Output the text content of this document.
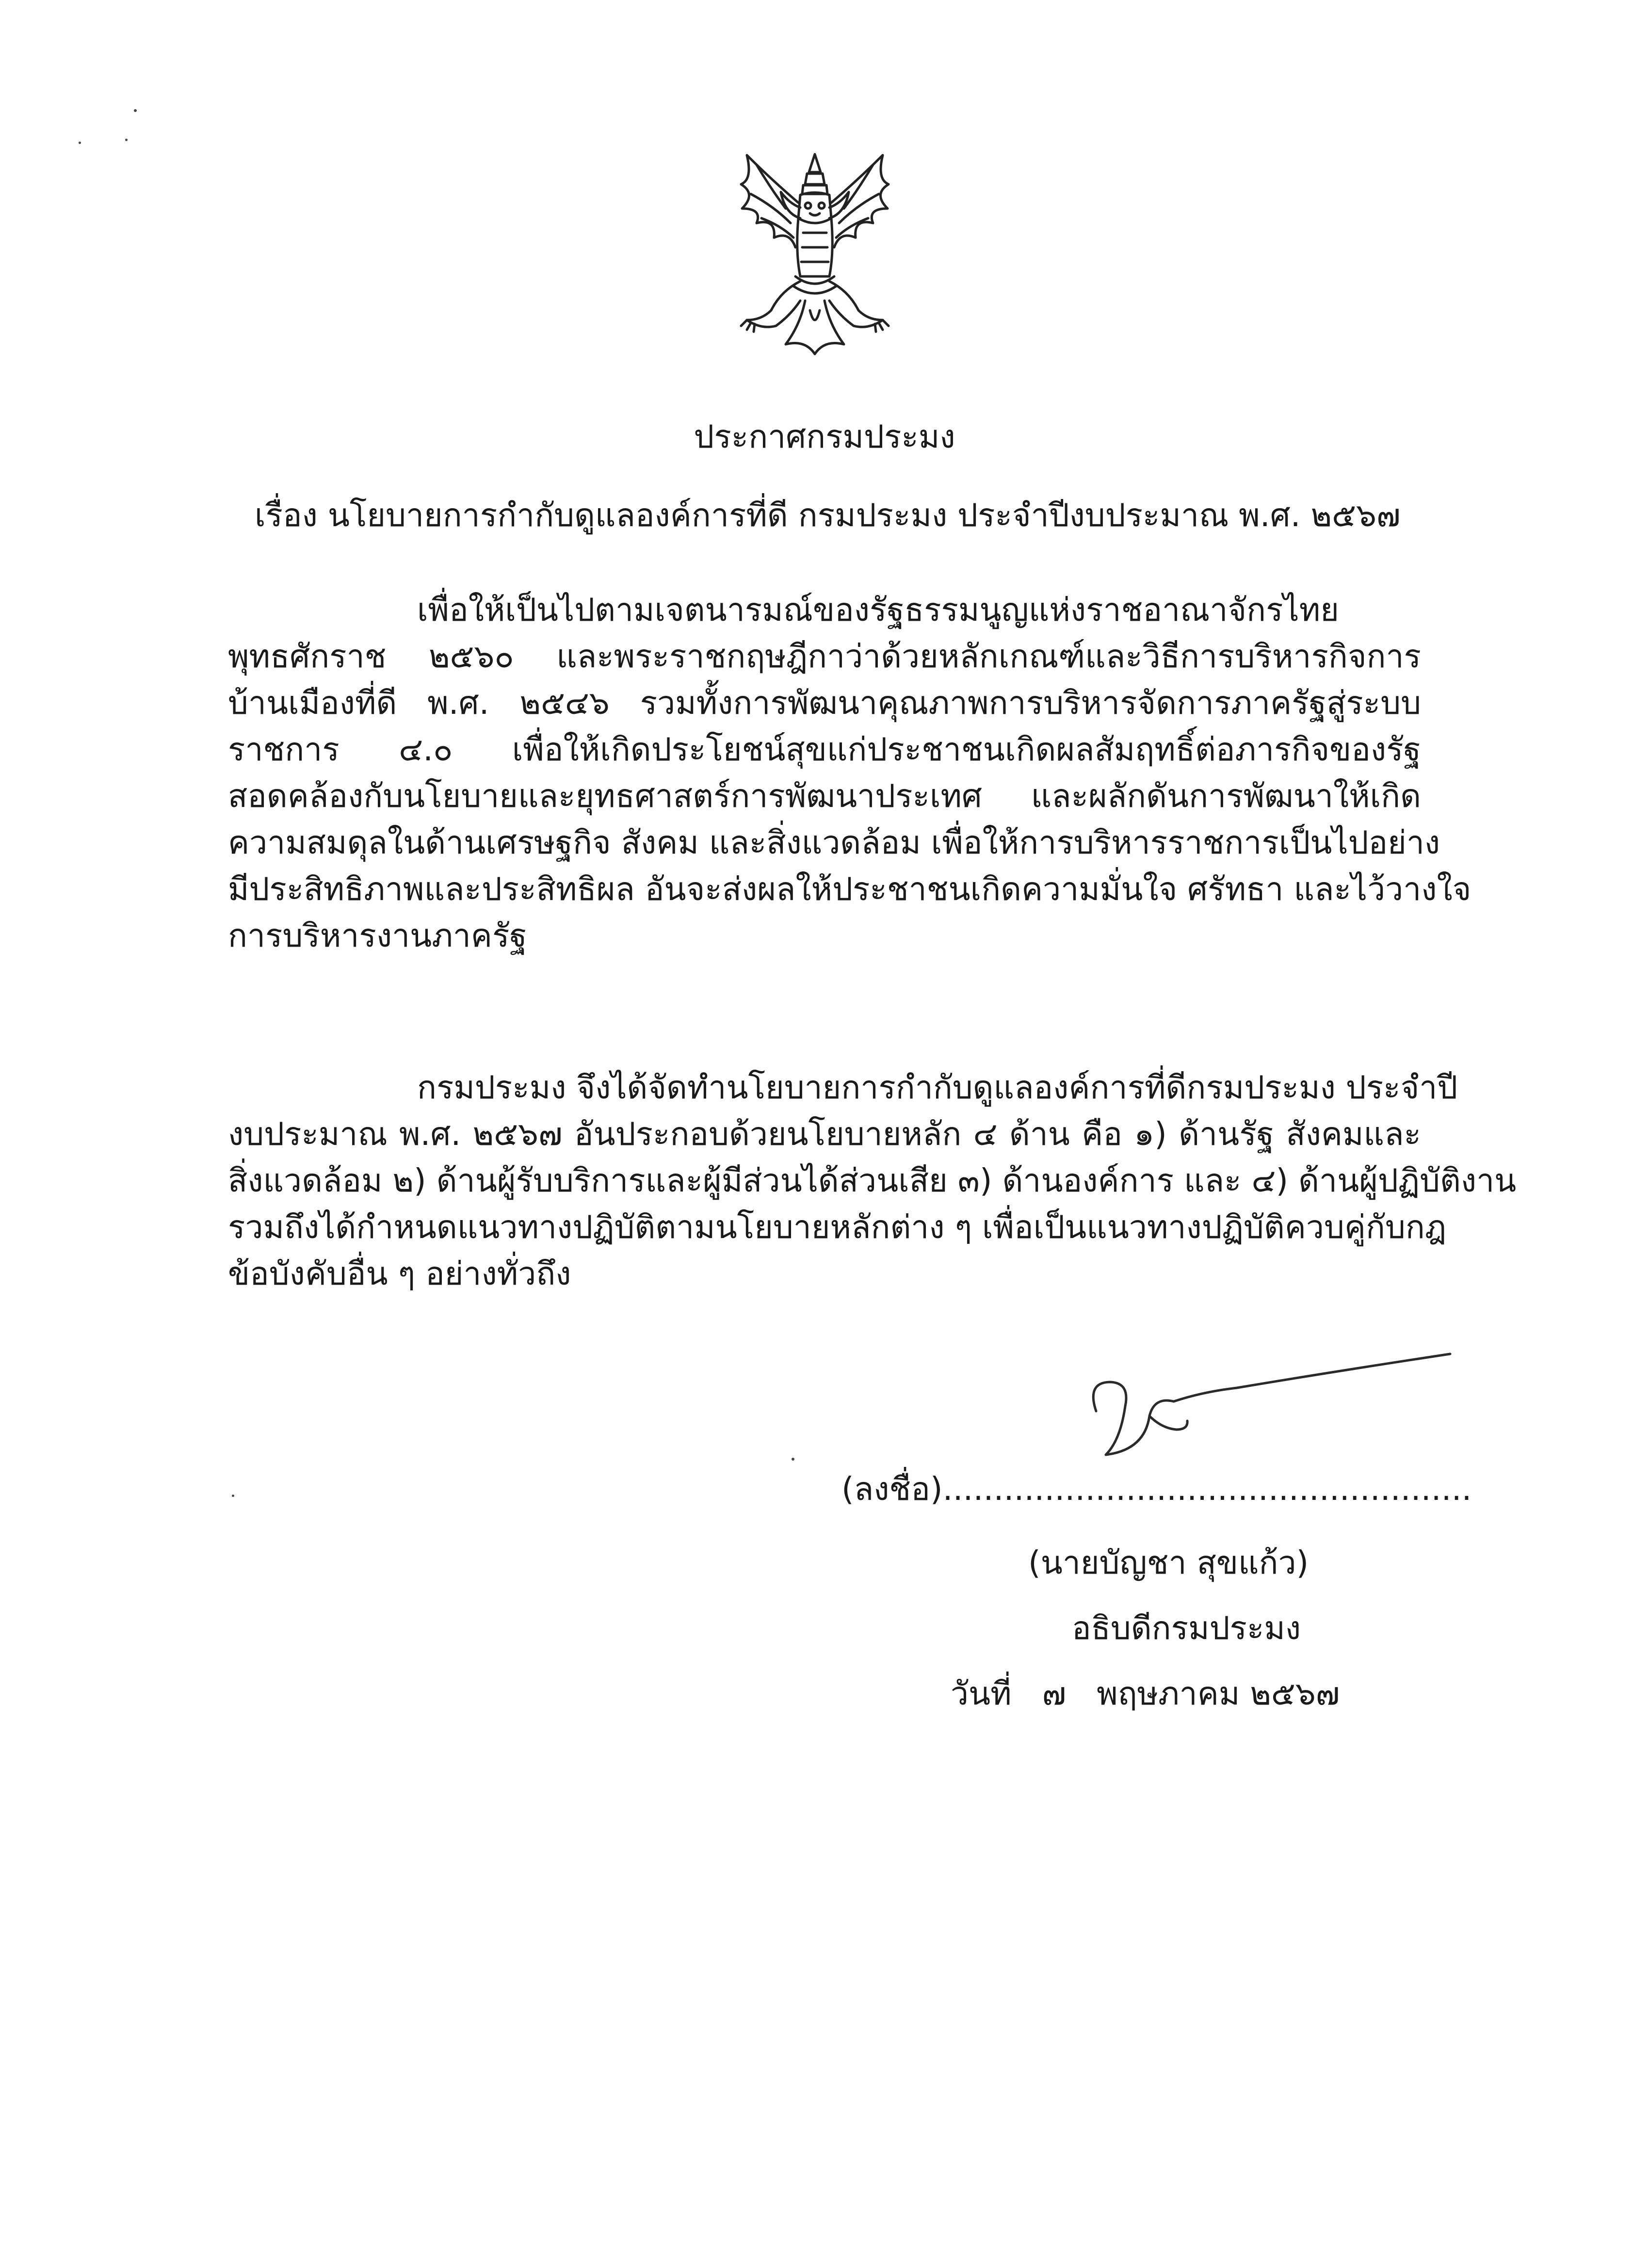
ประกาศกรมประมง
เรื่อง นโยบายการกำกับดูแลองค์การที่ดี กรมประมง ประจำปีงบประมาณ พ.ศ. ๒๕๖๗
เพื่อให้เป็นไปตามเจตนารมณ์ของรัฐธรรมนูญแห่งราชอาณาจักรไทย
พุทธศักราช ๒๕๖๐ และพระราชกฤษฎีกาว่าด้วยหลักเกณฑ์และวิธีการบริหารกิจการ
บ้านเมืองที่ดี พ.ศ. ๒๕๔๖ รวมทั้งการพัฒนาคุณภาพการบริหารจัดการภาครัฐสู่ระบบ
ราชการ ๔.๐ เพื่อให้เกิดประโยชน์สุขแก่ประชาชนเกิดผลสัมฤทธิ์ต่อภารกิจของรัฐ
สอดคล้องกับนโยบายและยุทธศาสตร์การพัฒนาประเทศ และผลักดันการพัฒนาให้เกิด
ความสมดุลในด้านเศรษฐกิจ สังคม และสิ่งแวดล้อม เพื่อให้การบริหารราชการเป็นไปอย่าง
มีประสิทธิภาพและประสิทธิผล อันจะส่งผลให้ประชาชนเกิดความมั่นใจ ศรัทธา และไว้วางใจ
การบริหารงานภาครัฐ
กรมประมง จึงได้จัดทำนโยบายการกำกับดูแลองค์การที่ดีกรมประมง ประจำปี
งบประมาณ พ.ศ. ๒๕๖๗ อันประกอบด้วยนโยบายหลัก ๔ ด้าน คือ ๑) ด้านรัฐ สังคมและ
สิ่งแวดล้อม ๒) ด้านผู้รับบริการและผู้มีส่วนได้ส่วนเสีย ๓) ด้านองค์การ และ ๔) ด้านผู้ปฏิบัติงาน
รวมถึงได้กำหนดแนวทางปฏิบัติตามนโยบายหลักต่าง ๆ เพื่อเป็นแนวทางปฏิบัติควบคู่กับกฎ
ข้อบังคับอื่น ๆ อย่างทั่วถึง
(ลงชื่อ)....................................................
(นายบัญชา สุขแก้ว)
อธิบดีกรมประมง
วันที่   ๗   พฤษภาคม ๒๕๖๗
